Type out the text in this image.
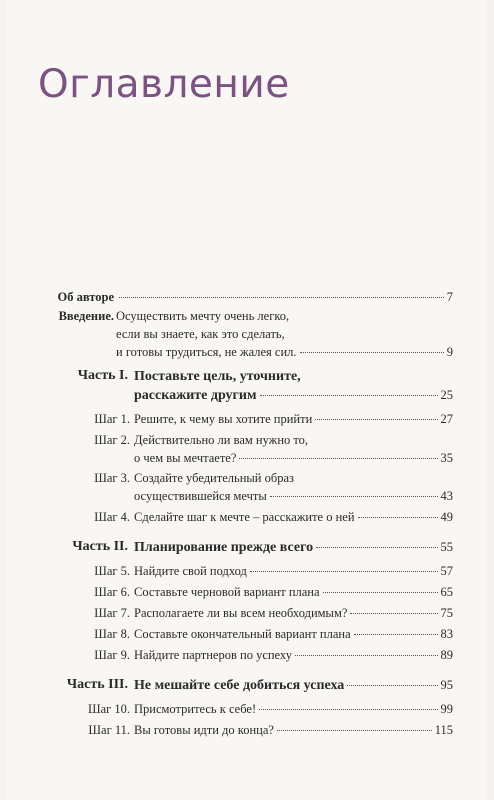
Оглавление
Об авторе	7
Введение. Осуществить мечту очень легко,
если вы знаете, как это сделать,
и готовы трудиться, не жалея сил.	9
Часть I. Поставьте цель, уточните,
расскажите другим	25
Шаг 1. Решите, к чему вы хотите прийти	27
Шаг 2. Действительно ли вам нужно то,
о чем вы мечтаете?	35
Шаг 3. Создайте убедительный образ
осуществившейся мечты	43
Шаг 4. Сделайте шаг к мечте – расскажите о ней	49
Часть II. Планирование прежде всего	55
Шаг 5. Найдите свой подход	57
Шаг 6. Составьте черновой вариант плана	65
Шаг 7. Располагаете ли вы всем необходимым?	75
Шаг 8. Составьте окончательный вариант плана	83
Шаг 9. Найдите партнеров по успеху	89
Часть III. Не мешайте себе добиться успеха	95
Шаг 10. Присмотритесь к себе!	99
Шаг 11. Вы готовы идти до конца?	115
